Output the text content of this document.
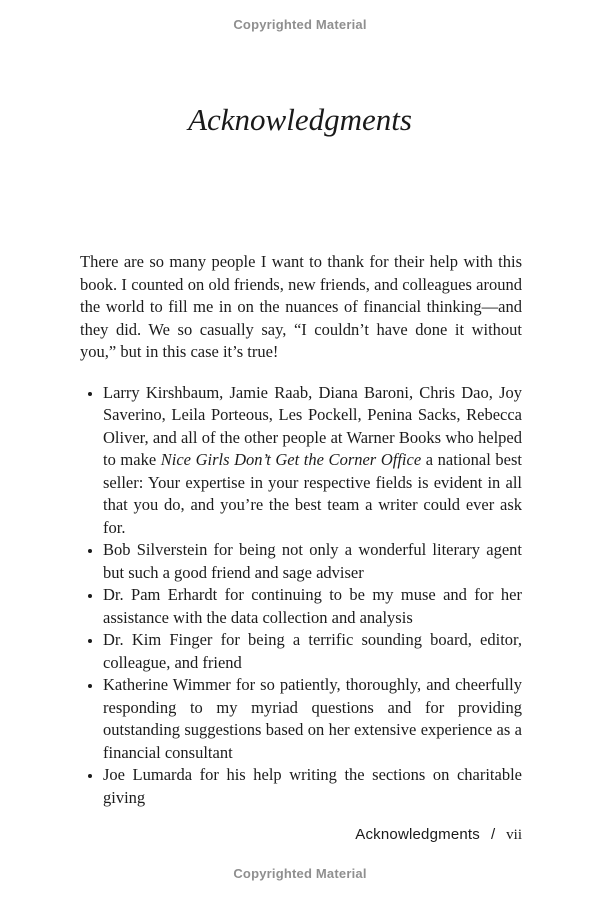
Copyrighted Material
Acknowledgments

There are so many people I want to thank for their help with this book. I counted on old friends, new friends, and colleagues around the world to fill me in on the nuances of financial thinking—and they did. We so casually say, “I couldn’t have done it without you,” but in this case it’s true!

• Larry Kirshbaum, Jamie Raab, Diana Baroni, Chris Dao, Joy Saverino, Leila Porteous, Les Pockell, Penina Sacks, Rebecca Oliver, and all of the other people at Warner Books who helped to make Nice Girls Don’t Get the Corner Office a national best seller: Your expertise in your respective fields is evident in all that you do, and you’re the best team a writer could ever ask for.
• Bob Silverstein for being not only a wonderful literary agent but such a good friend and sage adviser
• Dr. Pam Erhardt for continuing to be my muse and for her assistance with the data collection and analysis
• Dr. Kim Finger for being a terrific sounding board, editor, colleague, and friend
• Katherine Wimmer for so patiently, thoroughly, and cheerfully responding to my myriad questions and for providing outstanding suggestions based on her extensive experience as a financial consultant
• Joe Lumarda for his help writing the sections on charitable giving
Acknowledgments / vii
Copyrighted Material
